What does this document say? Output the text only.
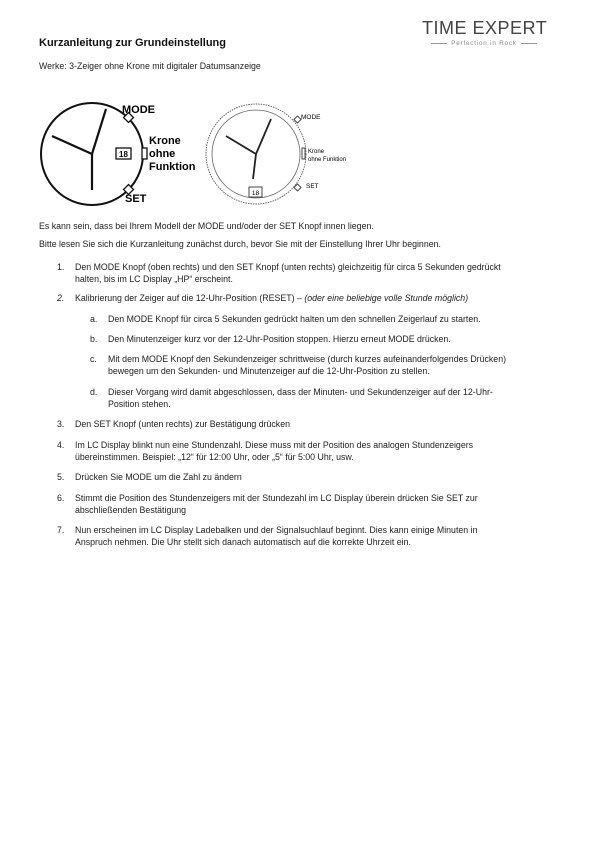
Kurzanleitung zur Grundeinstellung
Werke: 3-Zeiger ohne Krone mit digitaler Datumsanzeige
TIME EXPERT
Perfection in Rock
18
MODE
Krone
ohne
Funktion
SET	18
MODE
Krone
ohne Funktion
SET
Es kann sein, dass bei Ihrem Modell der MODE und/oder der SET Knopf innen liegen.
Bitte lesen Sie sich die Kurzanleitung zunächst durch, bevor Sie mit der Einstellung Ihrer Uhr beginnen.
1. Den MODE Knopf (oben rechts) und den SET Knopf (unten rechts) gleichzeitig für circa 5 Sekunden gedrückt
halten, bis im LC Display „HP“ erscheint.
2. Kalibrierung der Zeiger auf die 12-Uhr-Position (RESET) – (oder eine beliebige volle Stunde möglich)
a. Den MODE Knopf für circa 5 Sekunden gedrückt halten um den schnellen Zeigerlauf zu starten.
b. Den Minutenzeiger kurz vor der 12-Uhr-Position stoppen. Hierzu erneut MODE drücken.
c. Mit dem MODE Knopf den Sekundenzeiger schrittweise (durch kurzes aufeinanderfolgendes Drücken)
bewegen um den Sekunden- und Minutenzeiger auf die 12-Uhr-Position zu stellen.
d. Dieser Vorgang wird damit abgeschlossen, dass der Minuten- und Sekundenzeiger auf der 12-Uhr-
Position stehen.
3. Den SET Knopf (unten rechts) zur Bestätigung drücken
4. Im LC Display blinkt nun eine Stundenzahl. Diese muss mit der Position des analogen Stundenzeigers
übereinstimmen. Beispiel: „12“ für 12:00 Uhr, oder „5“ für 5:00 Uhr, usw.
5. Drücken Sie MODE um die Zahl zu ändern
6. Stimmt die Position des Stundenzeigers mit der Stundezahl im LC Display überein drücken Sie SET zur
abschließenden Bestätigung
7. Nun erscheinen im LC Display Ladebalken und der Signalsuchlauf beginnt. Dies kann einige Minuten in
Anspruch nehmen. Die Uhr stellt sich danach automatisch auf die korrekte Uhrzeit ein.
